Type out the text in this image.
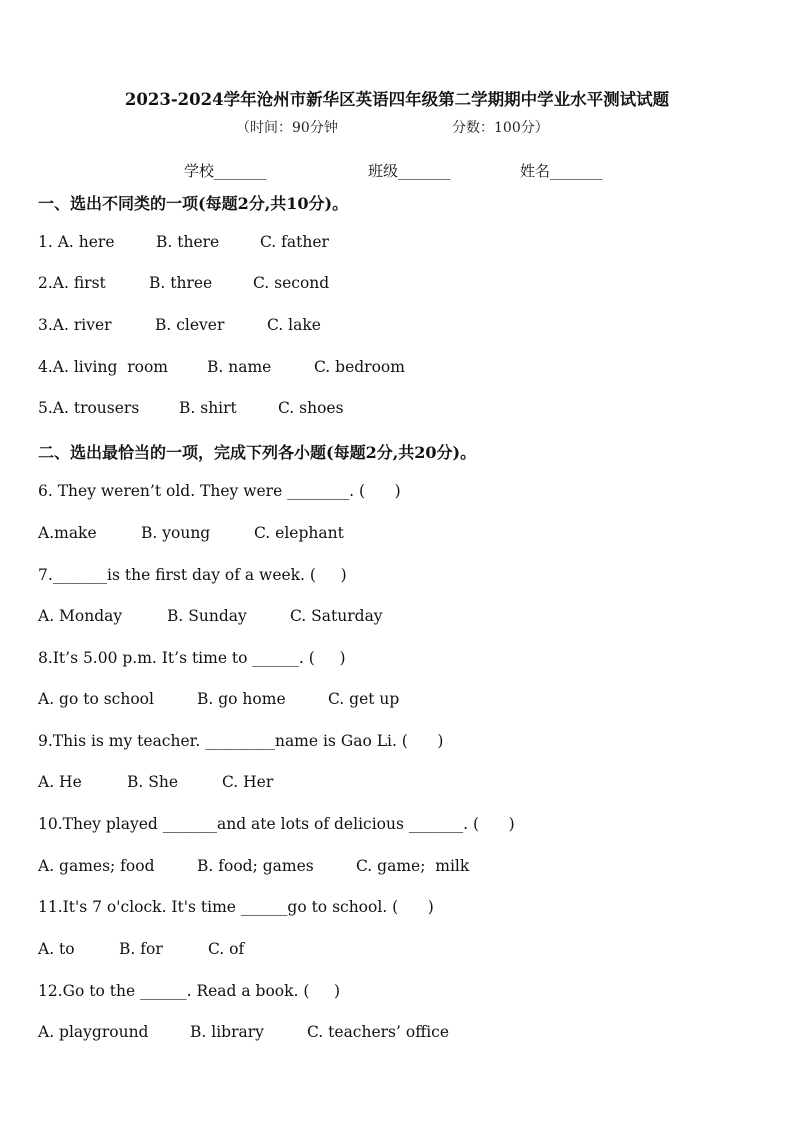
2023-2024学年沧州市新华区英语四年级第二学期期中学业水平测试试题
（时间：90分钟	分数：100分）
学校_______	班级_______	姓名_______
一、选出不同类的一项(每题2分,共10分)。
1. A. here	B. there	C. father
2.A. first	B. three	C. second
3.A. river	B. clever	C. lake
4.A. living  room	B. name	C. bedroom
5.A. trousers	B. shirt	C. shoes
二、选出最恰当的一项，完成下列各小题(每题2分,共20分)。
6. They weren’t old. They were ________. (      )
A.make	B. young	C. elephant
7._______is the first day of a week. (     )
A. Monday	B. Sunday	C. Saturday
8.It’s 5.00 p.m. It’s time to ______. (     )
A. go to school	B. go home	C. get up
9.This is my teacher. _________name is Gao Li. (      )
A. He	B. She	C. Her
10.They played _______and ate lots of delicious _______. (      )
A. games; food	B. food; games	C. game;  milk
11.It's 7 o'clock. It's time ______go to school. (      )
A. to	B. for	C. of
12.Go to the ______. Read a book. (     )
A. playground	B. library	C. teachers’ office
